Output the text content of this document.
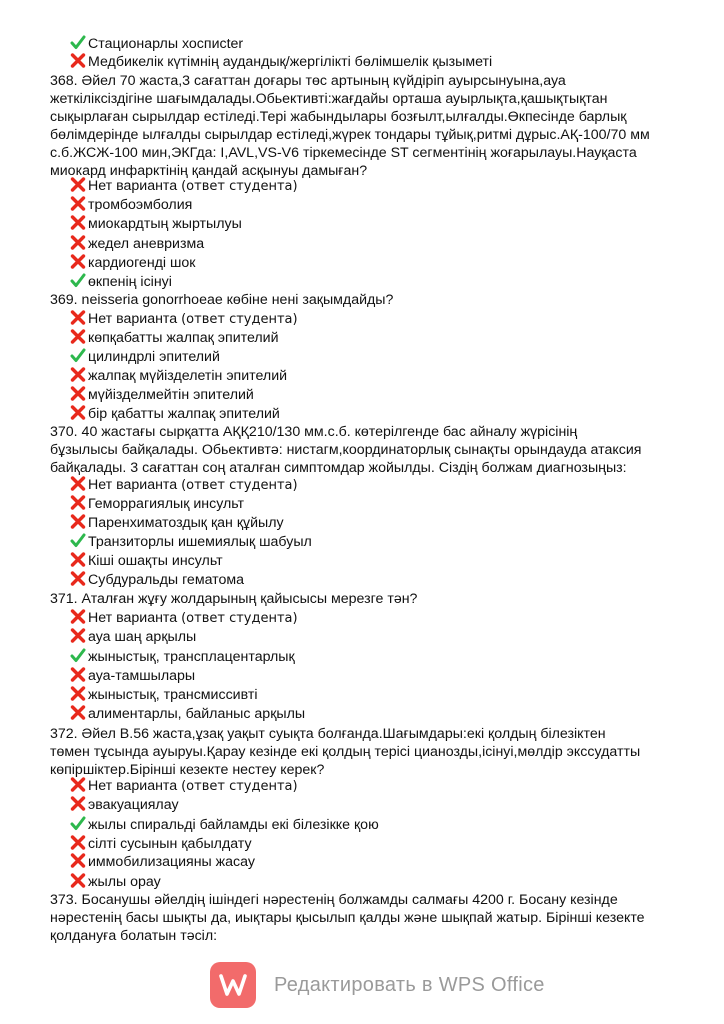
Стационарлы хосписter
Медбикелік күтімнің аудандық/жергілікті бөлімшелік қызыметі
368. Әйел 70 жаста,3 сағаттан доғары төс артының күйдіріп ауырсынуына,ауа
жеткіліксіздігіне шағымдалады.Обьективті:жағдайы орташа ауырлықта,қашықтықтан
сықырлаған сырылдар естіледі.Тері жабындылары бозғылт,ылғалды.Өкпесінде барлық
бөлімдерінде ылғалды сырылдар естіледі,жүрек тондары тұйық,ритмі дұрыс.АҚ-100/70 мм
с.б.ЖСЖ-100 мин,ЭКГда: I,AVL,VS-V6 тіркемесінде ST сегментінің жоғарылауы.Науқаста
миокард инфарктінің қандай асқынуы дамыған?
Нет варианта (ответ студента)
тромбоэмболия
миокардтың жыртылуы
жедел аневризма
кардиогенді шок
өкпенің ісінуі
369. neisseria gonorrhoeae көбіне нені зақымдайды?
Нет варианта (ответ студента)
көпқабатты жалпақ эпителий
цилиндрлі эпителий
жалпақ мүйізделетін эпителий
мүйізделмейтін эпителий
бір қабатты жалпақ эпителий
370. 40 жастағы сырқатта АҚҚ210/130 мм.с.б. көтерілгенде бас айналу жүрісінің
бұзылысы байқалады. Обьективтә: нистагм,координаторлық сынақты орындауда атаксия
байқалады. 3 сағаттан соң аталған симптомдар жойылды. Сіздің болжам диагнозыңыз:
Нет варианта (ответ студента)
Геморрагиялық инсульт
Паренхиматоздық қан құйылу
Транзиторлы ишемиялық шабуыл
Кіші ошақты инсульт
Субдуральды гематома
371. Аталған жұғу жолдарының қайысысы мерезге тән?
Нет варианта (ответ студента)
ауа шаң арқылы
жыныстық, трансплацентарлық
ауа-тамшылары
жыныстық, трансмиссивті
алиментарлы, байланыс арқылы
372. Әйел В.56 жаста,ұзақ уақыт суықта болғанда.Шағымдары:екі қолдың білезіктен
төмен тұсында ауыруы.Қарау кезінде екі қолдың терісі цианозды,ісінуі,мөлдір экссудатты
көпіршіктер.Бірінші кезекте нестеу керек?
Нет варианта (ответ студента)
эвакуациялау
жылы спиральді байламды екі білезікке қою
сілті сусынын қабылдату
иммобилизацияны жасау
жылы орау
373. Босанушы әйелдің ішіндегі нәрестенің болжамды салмағы 4200 г. Босану кезінде
нәрестенің басы шықты да, иықтары қысылып қалды және шықпай жатыр. Бірінші кезекте
қолдануға болатын тәсіл:
Редактировать в WPS Office
